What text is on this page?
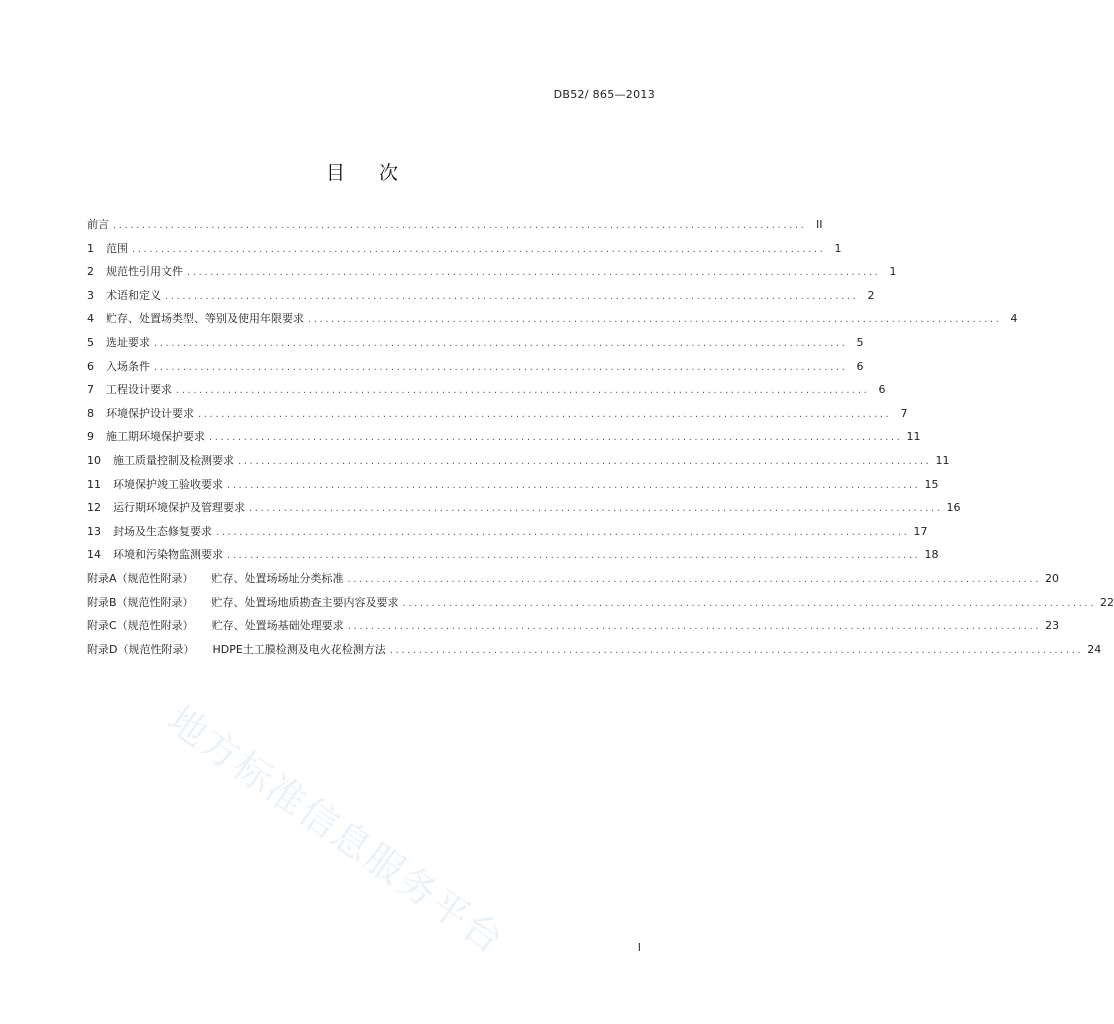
DB52/ 865—2013
目 次
前言 ........................................................................................................................ II
1 范围 ........................................................................................................................ 1
2 规范性引用文件 ........................................................................................................................ 1
3 术语和定义 ........................................................................................................................ 2
4 贮存、处置场类型、等别及使用年限要求 ........................................................................................................................ 4
5 选址要求 ........................................................................................................................ 5
6 入场条件 ........................................................................................................................ 6
7 工程设计要求 ........................................................................................................................ 6
8 环境保护设计要求 ........................................................................................................................ 7
9 施工期环境保护要求 ........................................................................................................................ 11
10 施工质量控制及检测要求 ........................................................................................................................ 11
11 环境保护竣工验收要求 ........................................................................................................................ 15
12 运行期环境保护及管理要求 ........................................................................................................................ 16
13 封场及生态修复要求 ........................................................................................................................ 17
14 环境和污染物监测要求 ........................................................................................................................ 18
附录A（规范性附录） 贮存、处置场场址分类标准 ........................................................................................................................ 20
附录B（规范性附录） 贮存、处置场地质勘查主要内容及要求 ........................................................................................................................ 22
附录C（规范性附录） 贮存、处置场基础处理要求 ........................................................................................................................ 23
附录D（规范性附录） HDPE土工膜检测及电火花检测方法 ........................................................................................................................ 24
地方标准信息服务平台	I
